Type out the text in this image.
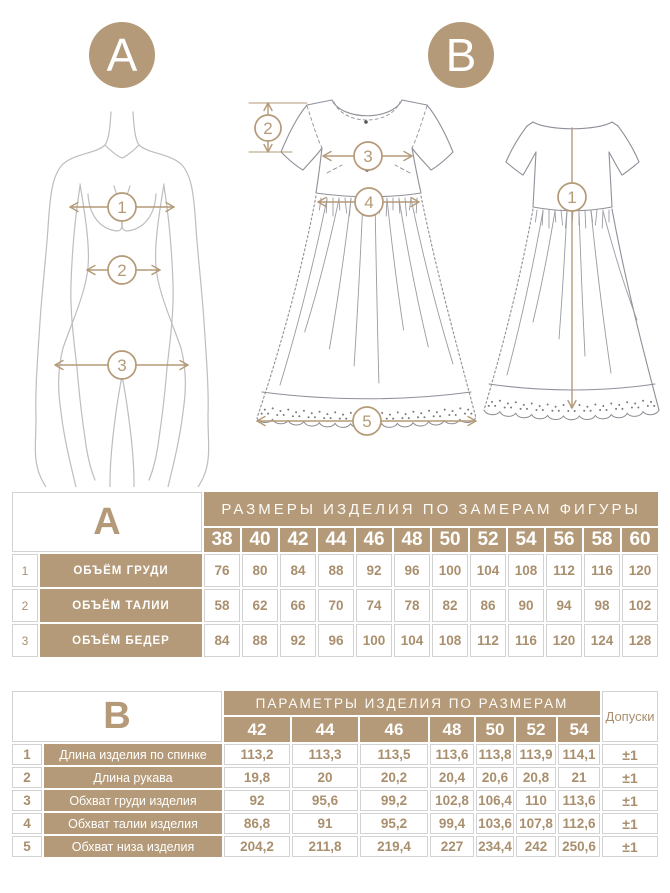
A	B
1
2
3
2
3
4
5
1
A		РАЗМЕРЫ ИЗДЕЛИЯ ПО ЗАМЕРАМ ФИГУРЫ											
		38	40	42	44	46	48	50	52	54	56	58	60
1	ОБЪЁМ ГРУДИ	76	80	84	88	92	96	100	104	108	112	116	120
2	ОБЪЁМ ТАЛИИ	58	62	66	70	74	78	82	86	90	94	98	102
3	ОБЪЁМ БЕДЕР	84	88	92	96	100	104	108	112	116	120	124	128
B		ПАРАМЕТРЫ ИЗДЕЛИЯ ПО РАЗМЕРАМ							Допуски
		42	44	46	48	50	52	54	
1	Длина изделия по спинке	113,2	113,3	113,5	113,6	113,8	113,9	114,1	±1
2	Длина рукава	19,8	20	20,2	20,4	20,6	20,8	21	±1
3	Обхват груди изделия	92	95,6	99,2	102,8	106,4	110	113,6	±1
4	Обхват талии изделия	86,8	91	95,2	99,4	103,6	107,8	112,6	±1
5	Обхват низа изделия	204,2	211,8	219,4	227	234,4	242	250,6	±1
